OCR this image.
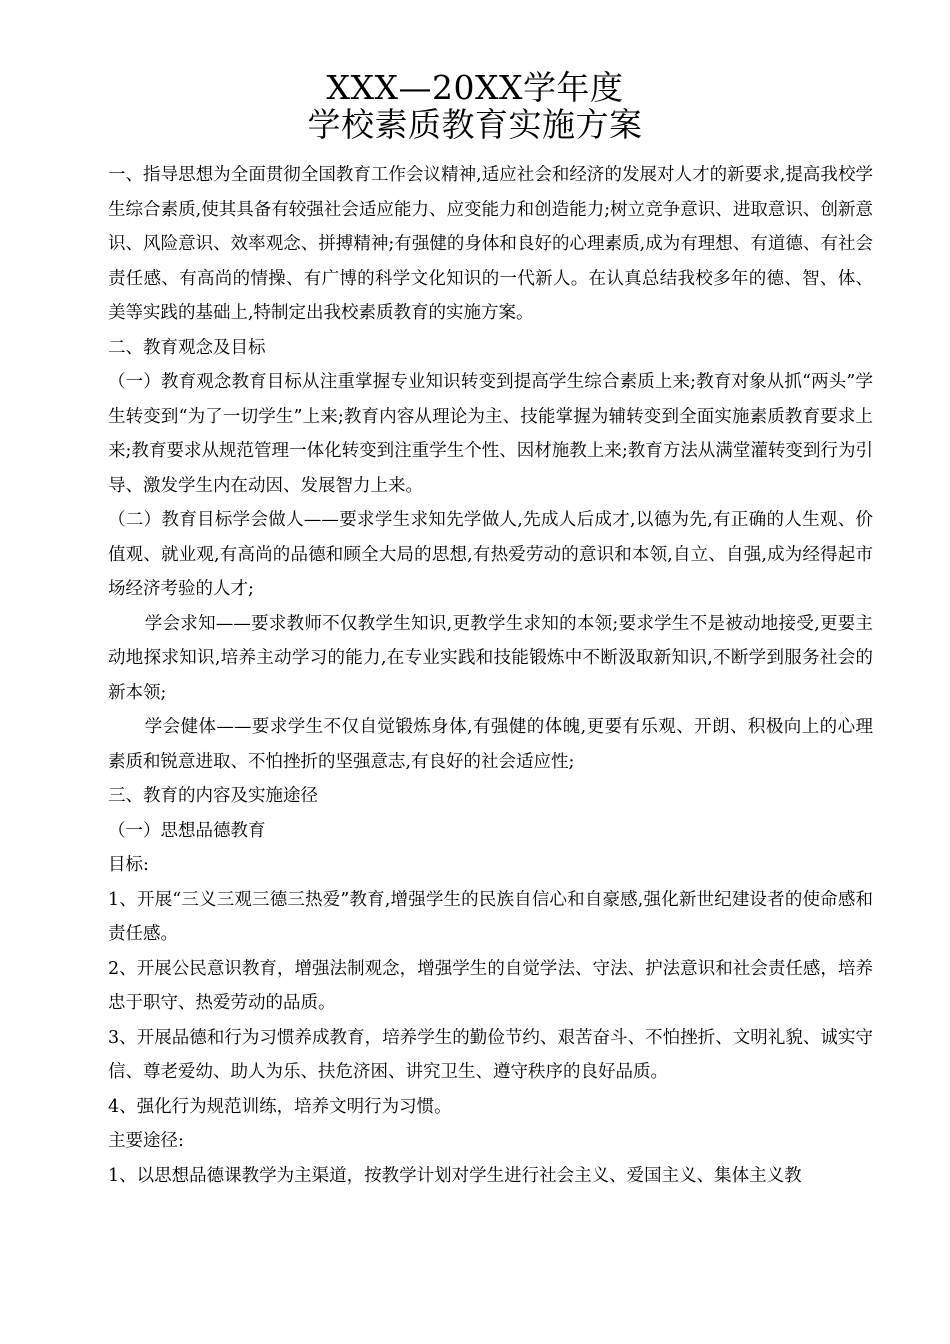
XXX—20XX学年度
学校素质教育实施方案

一、指导思想为全面贯彻全国教育工作会议精神,适应社会和经济的发展对人才的新要求,提高我校学生综合素质,使其具备有较强社会适应能力、应变能力和创造能力;树立竞争意识、进取意识、创新意识、风险意识、效率观念、拼搏精神;有强健的身体和良好的心理素质,成为有理想、有道德、有社会责任感、有高尚的情操、有广博的科学文化知识的一代新人。在认真总结我校多年的德、智、体、美等实践的基础上,特制定出我校素质教育的实施方案。

二、教育观念及目标

（一）教育观念教育目标从注重掌握专业知识转变到提高学生综合素质上来;教育对象从抓“两头”学生转变到“为了一切学生”上来;教育内容从理论为主、技能掌握为辅转变到全面实施素质教育要求上来;教育要求从规范管理一体化转变到注重学生个性、因材施教上来;教育方法从满堂灌转变到行为引导、激发学生内在动因、发展智力上来。

（二）教育目标学会做人——要求学生求知先学做人,先成人后成才,以德为先,有正确的人生观、价值观、就业观,有高尚的品德和顾全大局的思想,有热爱劳动的意识和本领,自立、自强,成为经得起市场经济考验的人才;

学会求知——要求教师不仅教学生知识,更教学生求知的本领;要求学生不是被动地接受,更要主动地探求知识,培养主动学习的能力,在专业实践和技能锻炼中不断汲取新知识,不断学到服务社会的新本领;

学会健体——要求学生不仅自觉锻炼身体,有强健的体魄,更要有乐观、开朗、积极向上的心理素质和锐意进取、不怕挫折的坚强意志,有良好的社会适应性;

三、教育的内容及实施途径

（一）思想品德教育

目标:

1、开展“三义三观三德三热爱”教育,增强学生的民族自信心和自豪感,强化新世纪建设者的使命感和责任感。

2、开展公民意识教育，增强法制观念，增强学生的自觉学法、守法、护法意识和社会责任感，培养忠于职守、热爱劳动的品质。

3、开展品德和行为习惯养成教育，培养学生的勤俭节约、艰苦奋斗、不怕挫折、文明礼貌、诚实守信、尊老爱幼、助人为乐、扶危济困、讲究卫生、遵守秩序的良好品质。

4、强化行为规范训练，培养文明行为习惯。

主要途径:

1、以思想品德课教学为主渠道，按教学计划对学生进行社会主义、爱国主义、集体主义教
